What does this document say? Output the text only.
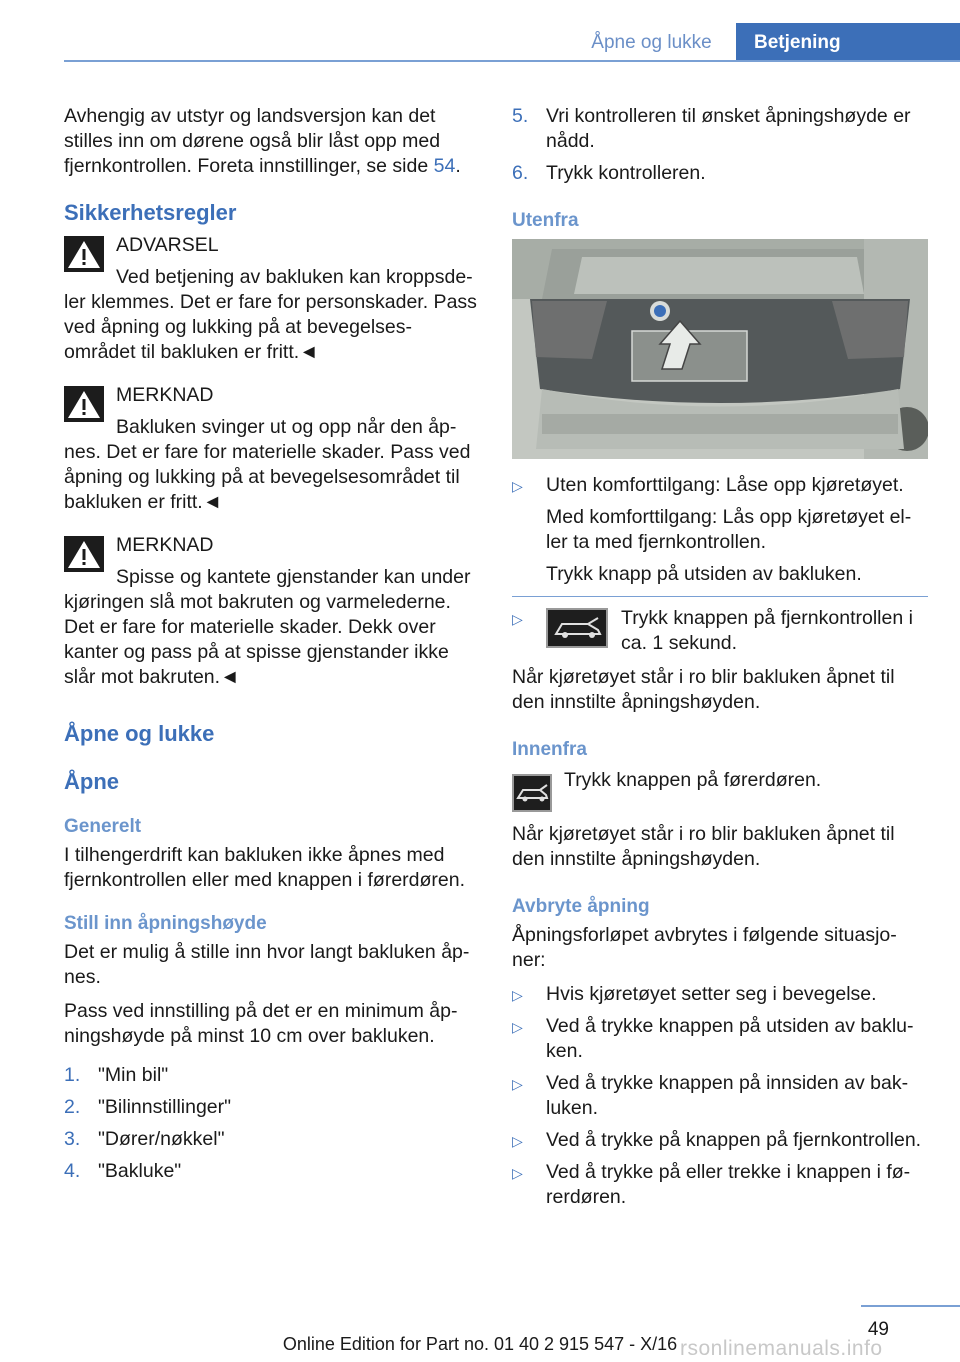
Åpne og lukke	Betjening

Avhengig av utstyr og landsversjon kan det stilles inn om dørene også blir låst opp med fjernkontrollen. Foreta innstillinger, se side 54.

Sikkerhetsregler
ADVARSEL
Ved betjening av bakluken kan kroppsde‐ler klemmes. Det er fare for personskader. Pass ved åpning og lukking på at bevegelses‐området til bakluken er fritt.◄
MERKNAD
Bakluken svinger ut og opp når den åp‐nes. Det er fare for materielle skader. Pass ved åpning og lukking på at bevegelsesområdet til bakluken er fritt.◄
MERKNAD
Spisse og kantete gjenstander kan under kjøringen slå mot bakruten og varmelederne. Det er fare for materielle skader. Dekk over kanter og pass på at spisse gjenstander ikke slår mot bakruten.◄
Åpne og lukke
Åpne
Generelt

I tilhengerdrift kan bakluken ikke åpnes med fjernkontrollen eller med knappen i førerdøren.

Still inn åpningshøyde

Det er mulig å stille inn hvor langt bakluken åp‐nes.

Pass ved innstilling på det er en minimum åp‐ningshøyde på minst 10 cm over bakluken.

1. "Min bil"
2. "Bilinnstillinger"
3. "Dører/nøkkel"
4. "Bakluke"
5. Vri kontrolleren til ønsket åpningshøyde er nådd.
6. Trykk kontrolleren.
Utenfra
▷ Uten komforttilgang: Låse opp kjøretøyet.
Med komforttilgang: Lås opp kjøretøyet el‐ler ta med fjernkontrollen.
Trykk knapp på utsiden av bakluken.
▷	Trykk knappen på fjernkontrollen i ca. 1 sekund.

Når kjøretøyet står i ro blir bakluken åpnet til den innstilte åpningshøyden.

Innenfra
Trykk knappen på førerdøren.

Når kjøretøyet står i ro blir bakluken åpnet til den innstilte åpningshøyden.

Avbryte åpning

Åpningsforløpet avbrytes i følgende situasjo‐ner:

▷ Hvis kjøretøyet setter seg i bevegelse.
▷ Ved å trykke knappen på utsiden av baklu‐ken.
▷ Ved å trykke knappen på innsiden av bak‐luken.
▷ Ved å trykke på knappen på fjernkontrollen.
▷ Ved å trykke på eller trekke i knappen i fø‐rerdøren.
49
Online Edition for Part no. 01 40 2 915 547 - X/16 rsonlinemanuals.info
